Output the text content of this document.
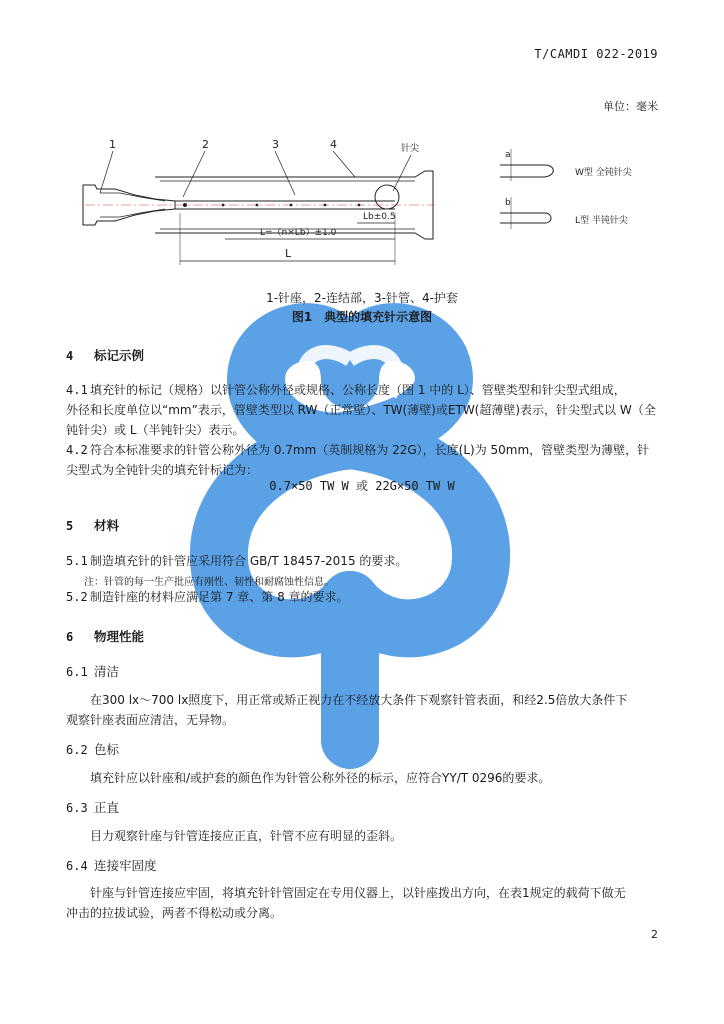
T/CAMDI 022-2019
单位：毫米
1	2	3	4	针尖
Lb±0.5
L=（n×Lb）±1.0
L
a
b
W型 全钝针尖
L型 半钝针尖
1-针座，2-连结部，3-针管、4-护套
图1　典型的填充针示意图
4 标记示例
4.1 填充针的标记（规格）以针管公称外径或规格、公称长度（图 1 中的 L）、管壁类型和针尖型式组成，
外径和长度单位以“mm”表示，管壁类型以 RW（正常壁）、TW(薄壁)或ETW(超薄壁)表示，针尖型式以 W（全
钝针尖）或 L（半钝针尖）表示。
4.2 符合本标准要求的针管公称外径为 0.7mm（英制规格为 22G），长度(L)为 50mm，管壁类型为薄壁，针
尖型式为全钝针尖的填充针标记为：
0.7×50 TW W 或 22G×50 TW W
5 材料
5.1 制造填充针的针管应采用符合 GB/T 18457-2015 的要求。
注：针管的每一生产批应有刚性、韧性和耐腐蚀性信息。
5.2 制造针座的材料应满足第 7 章、第 8 章的要求。
6 物理性能
6.1 清洁
在300 lx～700 lx照度下，用正常或矫正视力在不经放大条件下观察针管表面，和经2.5倍放大条件下
观察针座表面应清洁，无异物。
6.2 色标
填充针应以针座和/或护套的颜色作为针管公称外径的标示，应符合YY/T 0296的要求。
6.3 正直
目力观察针座与针管连接应正直，针管不应有明显的歪斜。
6.4 连接牢固度
针座与针管连接应牢固，将填充针针管固定在专用仪器上，以针座拨出方向，在表1规定的载荷下做无
冲击的拉拔试验，两者不得松动或分离。
2
